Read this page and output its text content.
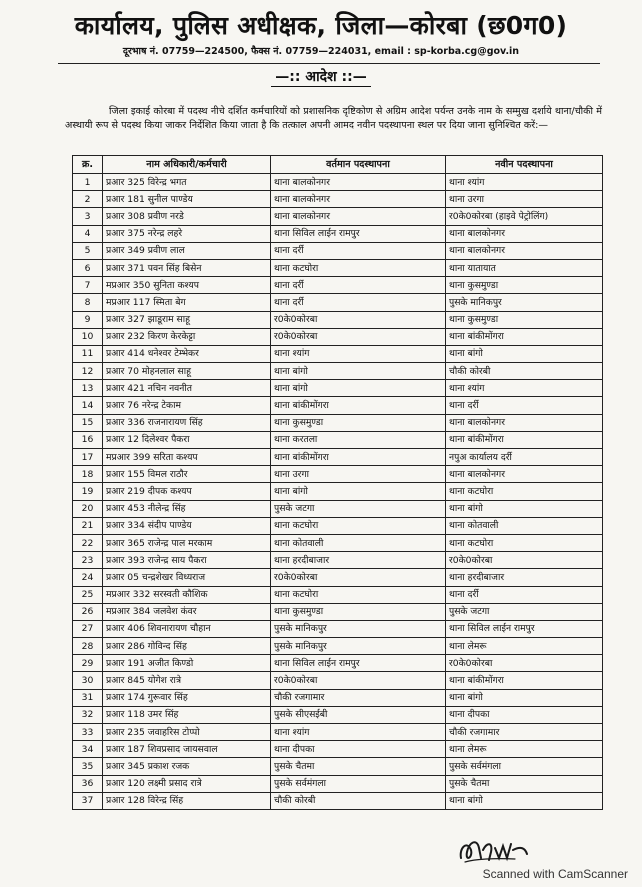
कार्यालय, पुलिस अधीक्षक, जिला—कोरबा (छ0ग0)
दूरभाष नं. 07759—224500, फैक्स नं. 07759—224031, email : sp-korba.cg@gov.in
—:: आदेश ::—
जिला इकाई कोरबा में पदस्थ नीचे दर्शित कर्मचारियों को प्रशासनिक दृष्टिकोण से अग्रिम आदेश पर्यन्त उनके नाम के सम्मुख दर्शाये थाना/चौकी में अस्थायी रूप से पदस्थ किया जाकर निर्देशित किया जाता है कि तत्काल अपनी आमद नवीन पदस्थापना स्थल पर दिया जाना सुनिश्चित करें:—
क्र.	नाम अधिकारी/कर्मचारी	वर्तमान पदस्थापना	नवीन पदस्थापना
1	प्रआर 325 विरेन्द्र भगत	थाना बालकोनगर	थाना श्यांग
2	प्रआर 181 सुनील पाण्डेय	थाना बालकोनगर	थाना उरगा
3	प्रआर 308 प्रवीण नरडे	थाना बालकोनगर	र0के0कोरबा (हाइवे पेट्रोलिंग)
4	प्रआर 375 नरेन्द्र लहरे	थाना सिविल लाईन रामपुर	थाना बालकोनगर
5	प्रआर 349 प्रवीण लाल	थाना दर्री	थाना बालकोनगर
6	प्रआर 371 पवन सिंह बिसेन	थाना कटघोरा	थाना यातायात
7	मप्रआर 350 सुनिता कश्यप	थाना दर्री	थाना कुसमुण्डा
8	मप्रआर 117 स्मिता बेग	थाना दर्री	पुसके मानिकपुर
9	प्रआर 327 झाडूराम साहू	र0के0कोरबा	थाना कुसमुण्डा
10	प्रआर 232 किरण केरकेट्टा	र0के0कोरबा	थाना बांकीमोंगरा
11	प्रआर 414 धनेश्वर टेम्भेकर	थाना श्यांग	थाना बांगो
12	प्रआर 70 मोहनलाल साहू	थाना बांगो	चौकी कोरबी
13	प्रआर 421 नचिन नवनीत	थाना बांगो	थाना श्यांग
14	प्रआर 76 नरेन्द्र टेकाम	थाना बांकीमोंगरा	थाना दर्री
15	प्रआर 336 राजनारायण सिंह	थाना कुसमुण्डा	थाना बालकोनगर
16	प्रआर 12 दिलेश्वर पैकरा	थाना करतला	थाना बांकीमोंगरा
17	मप्रआर 399 सरिता कश्यप	थाना बांकीमोंगरा	नपुअ कार्यालय दर्री
18	प्रआर 155 विमल राठौर	थाना उरगा	थाना बालकोनगर
19	प्रआर 219 दीपक कश्यप	थाना बांगो	थाना कटघोरा
20	प्रआर 453 नीलेन्द्र सिंह	पुसके जटगा	थाना बांगो
21	प्रआर 334 संदीप पाण्डेय	थाना कटघोरा	थाना कोतवाली
22	प्रआर 365 राजेन्द्र पाल मरकाम	थाना कोतवाली	थाना कटघोरा
23	प्रआर 393 राजेन्द्र साय पैकरा	थाना हरदीबाजार	र0के0कोरबा
24	प्रआर 05 चन्द्रशेखर विध्यराज	र0के0कोरबा	थाना हरदीबाजार
25	मप्रआर 332 सरस्वती कौशिक	थाना कटघोरा	थाना दर्री
26	मप्रआर 384 जलवेश कंवर	थाना कुसमुण्डा	पुसके जटगा
27	प्रआर 406 शिवनारायण चौहान	पुसके मानिकपुर	थाना सिविल लाईन रामपुर
28	प्रआर 286 गोविन्द सिंह	पुसके मानिकपुर	थाना लेमरू
29	प्रआर 191 अजीत किण्डो	थाना सिविल लाईन रामपुर	र0के0कोरबा
30	प्रआर 845 योगेश रात्रे	र0के0कोरबा	थाना बांकीमोंगरा
31	प्रआर 174 गुरूवार सिंह	चौकी रजगामार	थाना बांगो
32	प्रआर 118 उमर सिंह	पुसके सीएसईबी	थाना दीपका
33	प्रआर 235 जवाहरिस टोप्पो	थाना श्यांग	चौकी रजगामार
34	प्रआर 187 शिवप्रसाद जायसवाल	थाना दीपका	थाना लेमरू
35	प्रआर 345 प्रकाश रजक	पुसके चैतमा	पुसके सर्वमंगला
36	प्रआर 120 लक्ष्मी प्रसाद रात्रे	पुसके सर्वमंगला	पुसके चैतमा
37	प्रआर 128 विरेन्द्र सिंह	चौकी कोरबी	थाना बांगो
Scanned with CamScanner
